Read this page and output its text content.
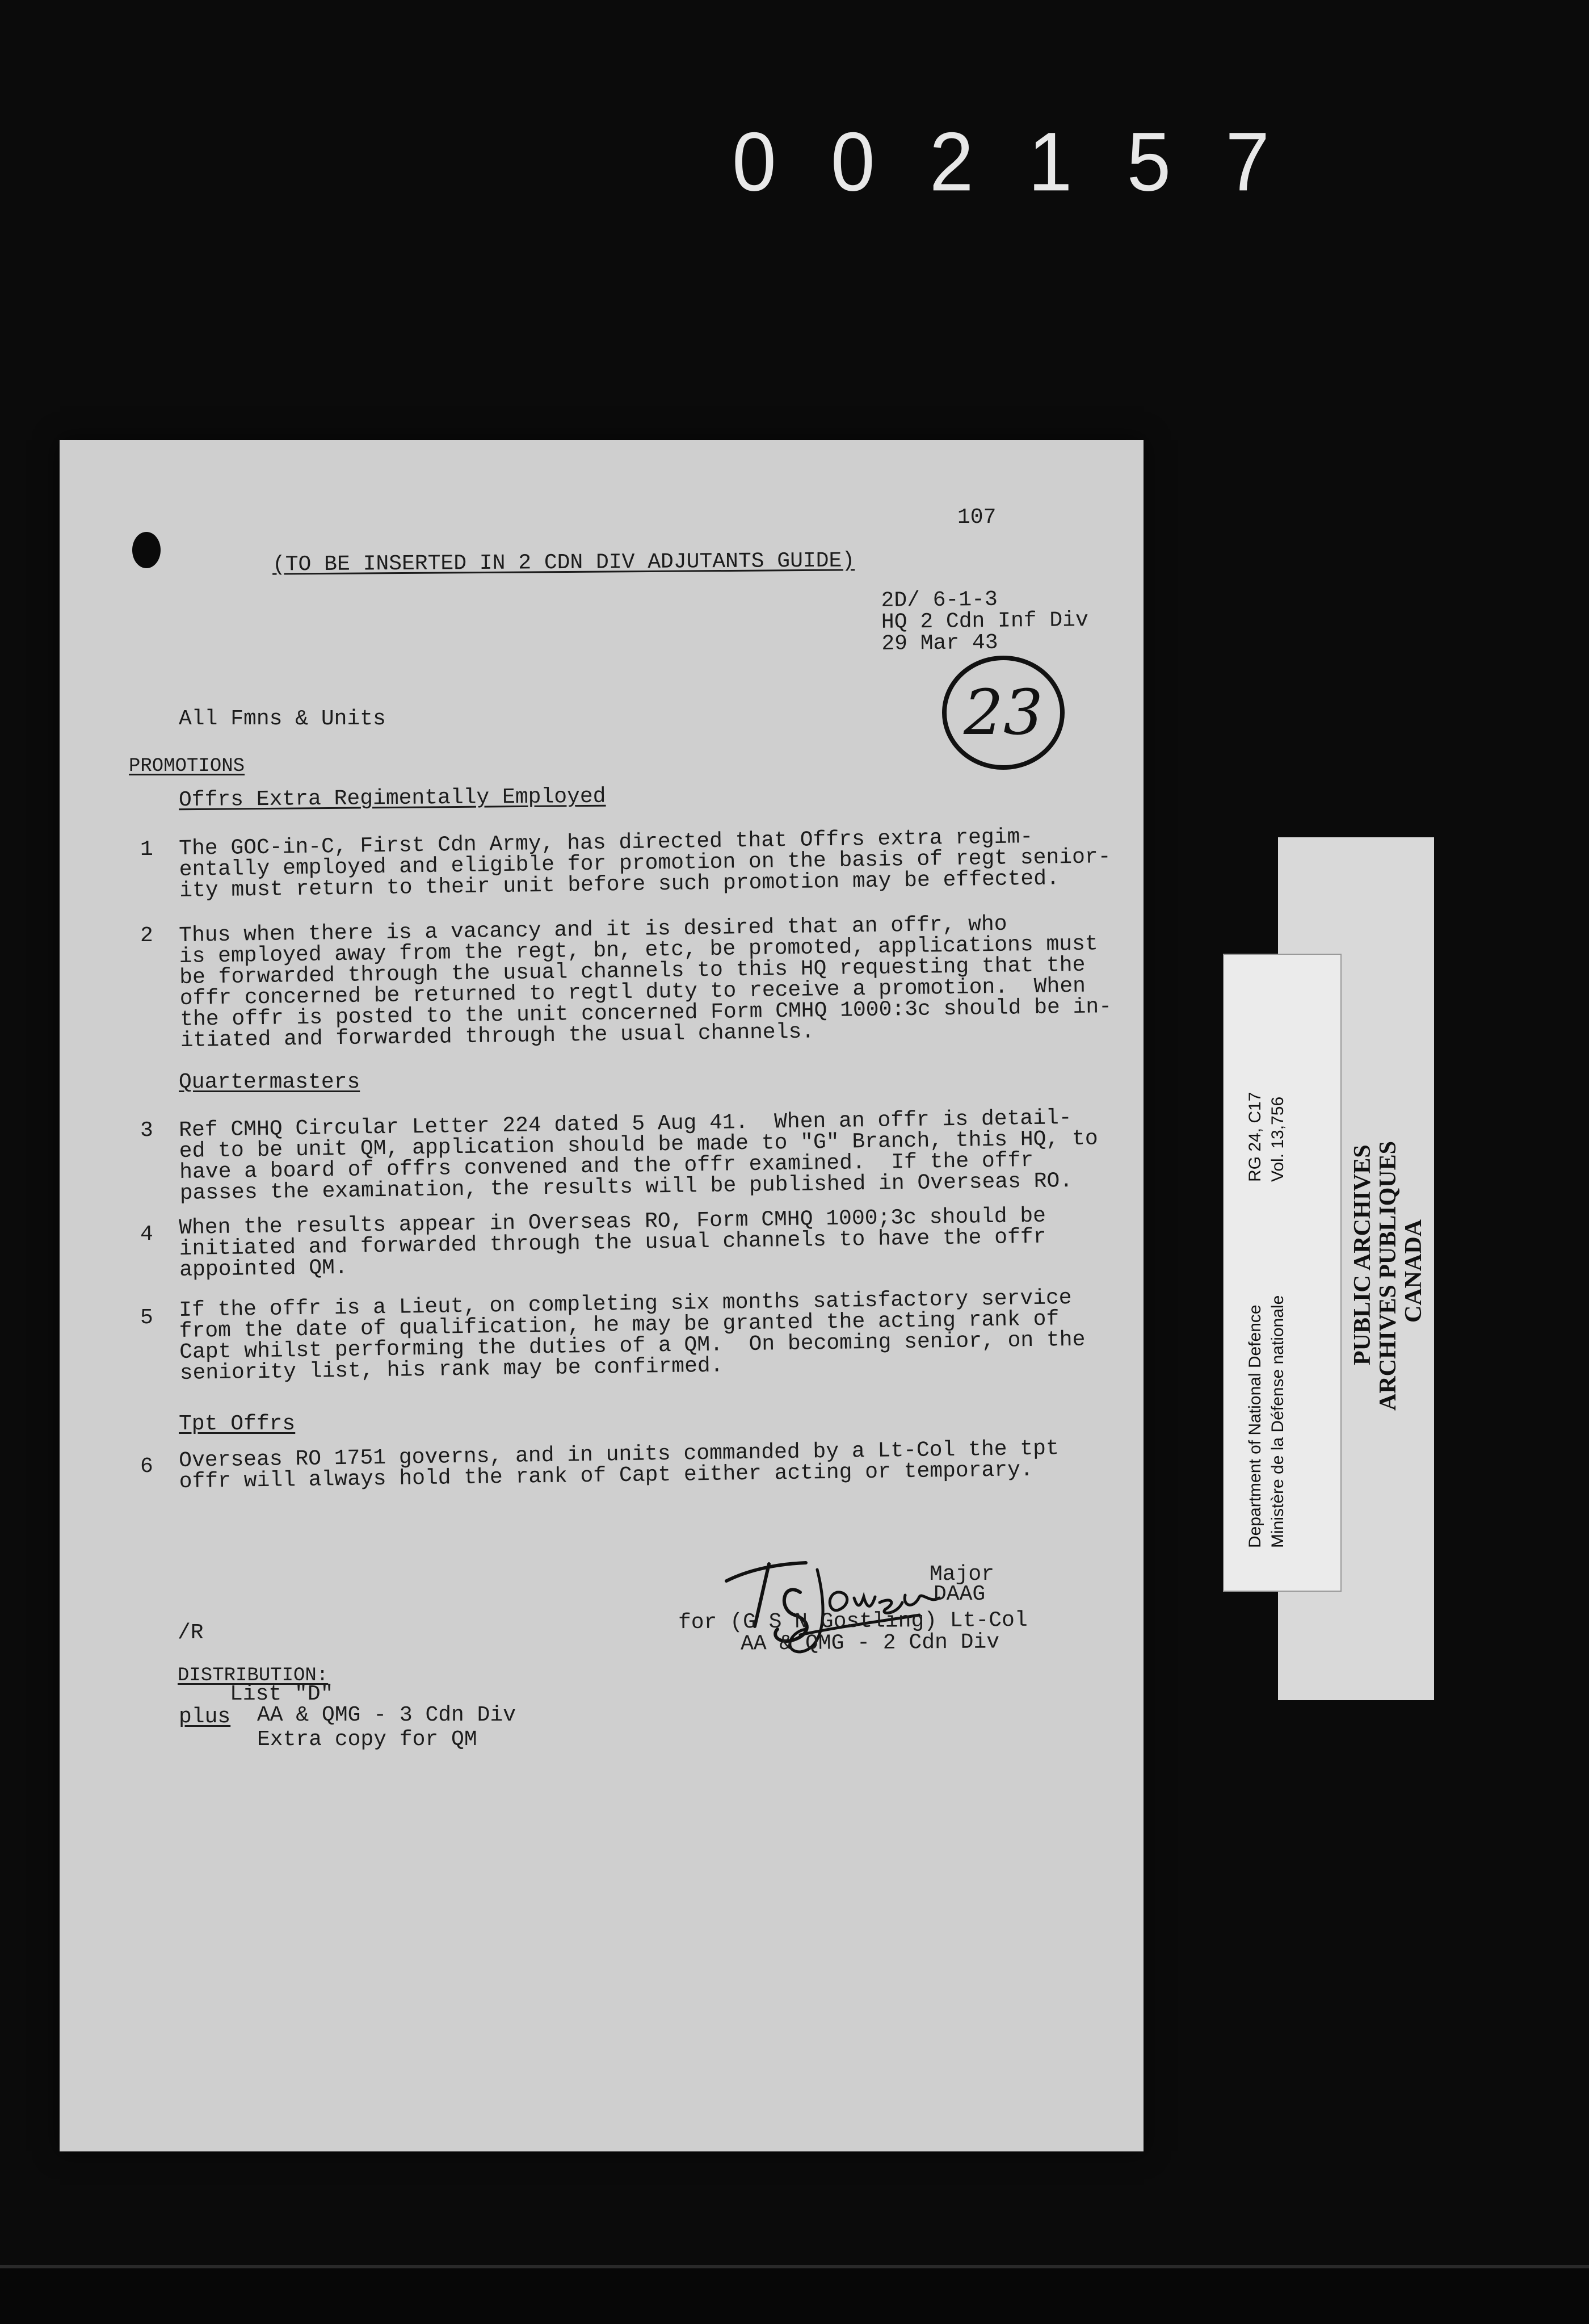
002157
107
(TO BE INSERTED IN 2 CDN DIV ADJUTANTS GUIDE)
2D/ 6-1-3
HQ 2 Cdn Inf Div
29 Mar 43
23
All Fmns & Units
PROMOTIONS
Offrs Extra Regimentally Employed
1 The GOC-in-C, First Cdn Army, has directed that Offrs extra regim-
entally employed and eligible for promotion on the basis of regt senior-
ity must return to their unit before such promotion may be effected.
2 Thus when there is a vacancy and it is desired that an offr, who
is employed away from the regt, bn, etc, be promoted, applications must
be forwarded through the usual channels to this HQ requesting that the
offr concerned be returned to regtl duty to receive a promotion.  When
the offr is posted to the unit concerned Form CMHQ 1000:3c should be in-
itiated and forwarded through the usual channels.
Quartermasters
3 Ref CMHQ Circular Letter 224 dated 5 Aug 41.  When an offr is detail-
ed to be unit QM, application should be made to "G" Branch, this HQ, to
have a board of offrs convened and the offr examined.  If the offr
passes the examination, the results will be published in Overseas RO.
4 When the results appear in Overseas RO, Form CMHQ 1000;3c should be
initiated and forwarded through the usual channels to have the offr
appointed QM.
5 If the offr is a Lieut, on completing six months satisfactory service
from the date of qualification, he may be granted the acting rank of
Capt whilst performing the duties of a QM.  On becoming senior, on the
seniority list, his rank may be confirmed.
Tpt Offrs
6 Overseas RO 1751 governs, and in units commanded by a Lt-Col the tpt
offr will always hold the rank of Capt either acting or temporary.
Major
DAAG
for (G S N Gostling) Lt-Col
AA & QMG - 2 Cdn Div
/R
DISTRIBUTION:
List "D"
plus AA & QMG - 3 Cdn Div
Extra copy for QM
PUBLIC ARCHIVES ARCHIVES PUBLIQUES CANADA
Department of National Defence Ministère de la Défense nationale
RG 24, C17 Vol. 13,756
